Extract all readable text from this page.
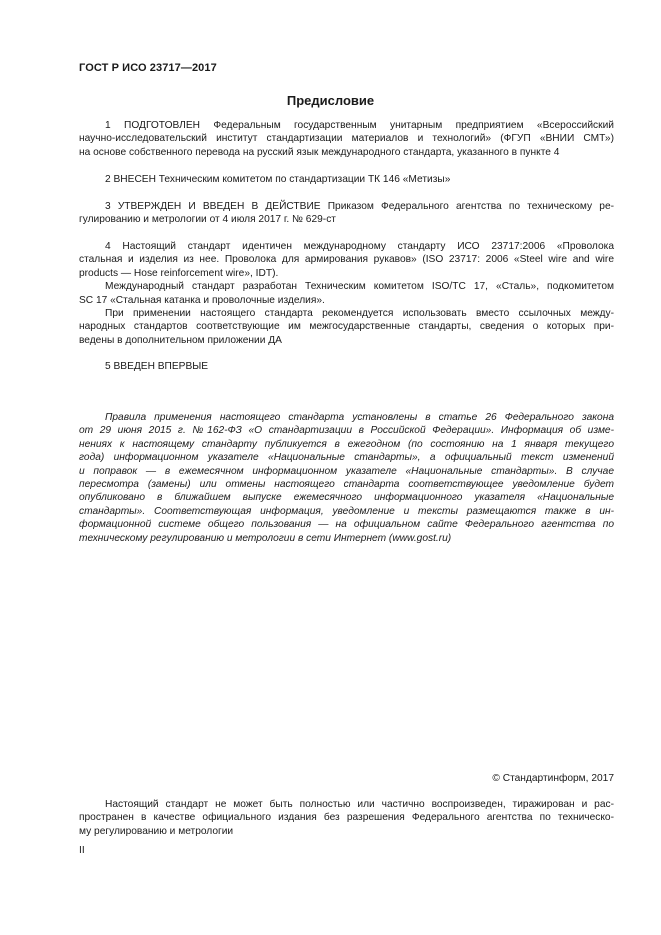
ГОСТ Р ИСО 23717—2017
Предисловие
1 ПОДГОТОВЛЕН Федеральным государственным унитарным предприятием «Всероссийский
научно-исследовательский институт стандартизации материалов и технологий» (ФГУП «ВНИИ СМТ»)
на основе собственного перевода на русский язык международного стандарта, указанного в пункте 4
2 ВНЕСЕН Техническим комитетом по стандартизации ТК 146 «Метизы»
3 УТВЕРЖДЕН И ВВЕДЕН В ДЕЙСТВИЕ Приказом Федерального агентства по техническому ре-
гулированию и метрологии от 4 июля 2017 г. № 629-ст
4 Настоящий стандарт идентичен международному стандарту ИСО 23717:2006 «Проволока
стальная и изделия из нее. Проволока для армирования рукавов» (ISO 23717: 2006 «Steel wire and wire
products — Hose reinforcement wire», IDT).
Международный стандарт разработан Техническим комитетом ISO/TC 17, «Сталь», подкомитетом
SC 17 «Стальная катанка и проволочные изделия».
При применении настоящего стандарта рекомендуется использовать вместо ссылочных между-
народных стандартов соответствующие им межгосударственные стандарты, сведения о которых при-
ведены в дополнительном приложении ДА
5 ВВЕДЕН ВПЕРВЫЕ
Правила применения настоящего стандарта установлены в статье 26 Федерального закона
от 29 июня 2015 г. №162-ФЗ «О стандартизации в Российской Федерации». Информация об изме-
нениях к настоящему стандарту публикуется в ежегодном (по состоянию на 1 января текущего
года) информационном указателе «Национальные стандарты», а официальный текст изменений
и поправок — в ежемесячном информационном указателе «Национальные стандарты». В случае
пересмотра (замены) или отмены настоящего стандарта соответствующее уведомление будет
опубликовано в ближайшем выпуске ежемесячного информационного указателя «Национальные
стандарты». Соответствующая информация, уведомление и тексты размещаются также в ин-
формационной системе общего пользования — на официальном сайте Федерального агентства по
техническому регулированию и метрологии в сети Интернет (www.gost.ru)
© Стандартинформ, 2017
Настоящий стандарт не может быть полностью или частично воспроизведен, тиражирован и рас-
пространен в качестве официального издания без разрешения Федерального агентства по техническо-
му регулированию и метрологии
II
